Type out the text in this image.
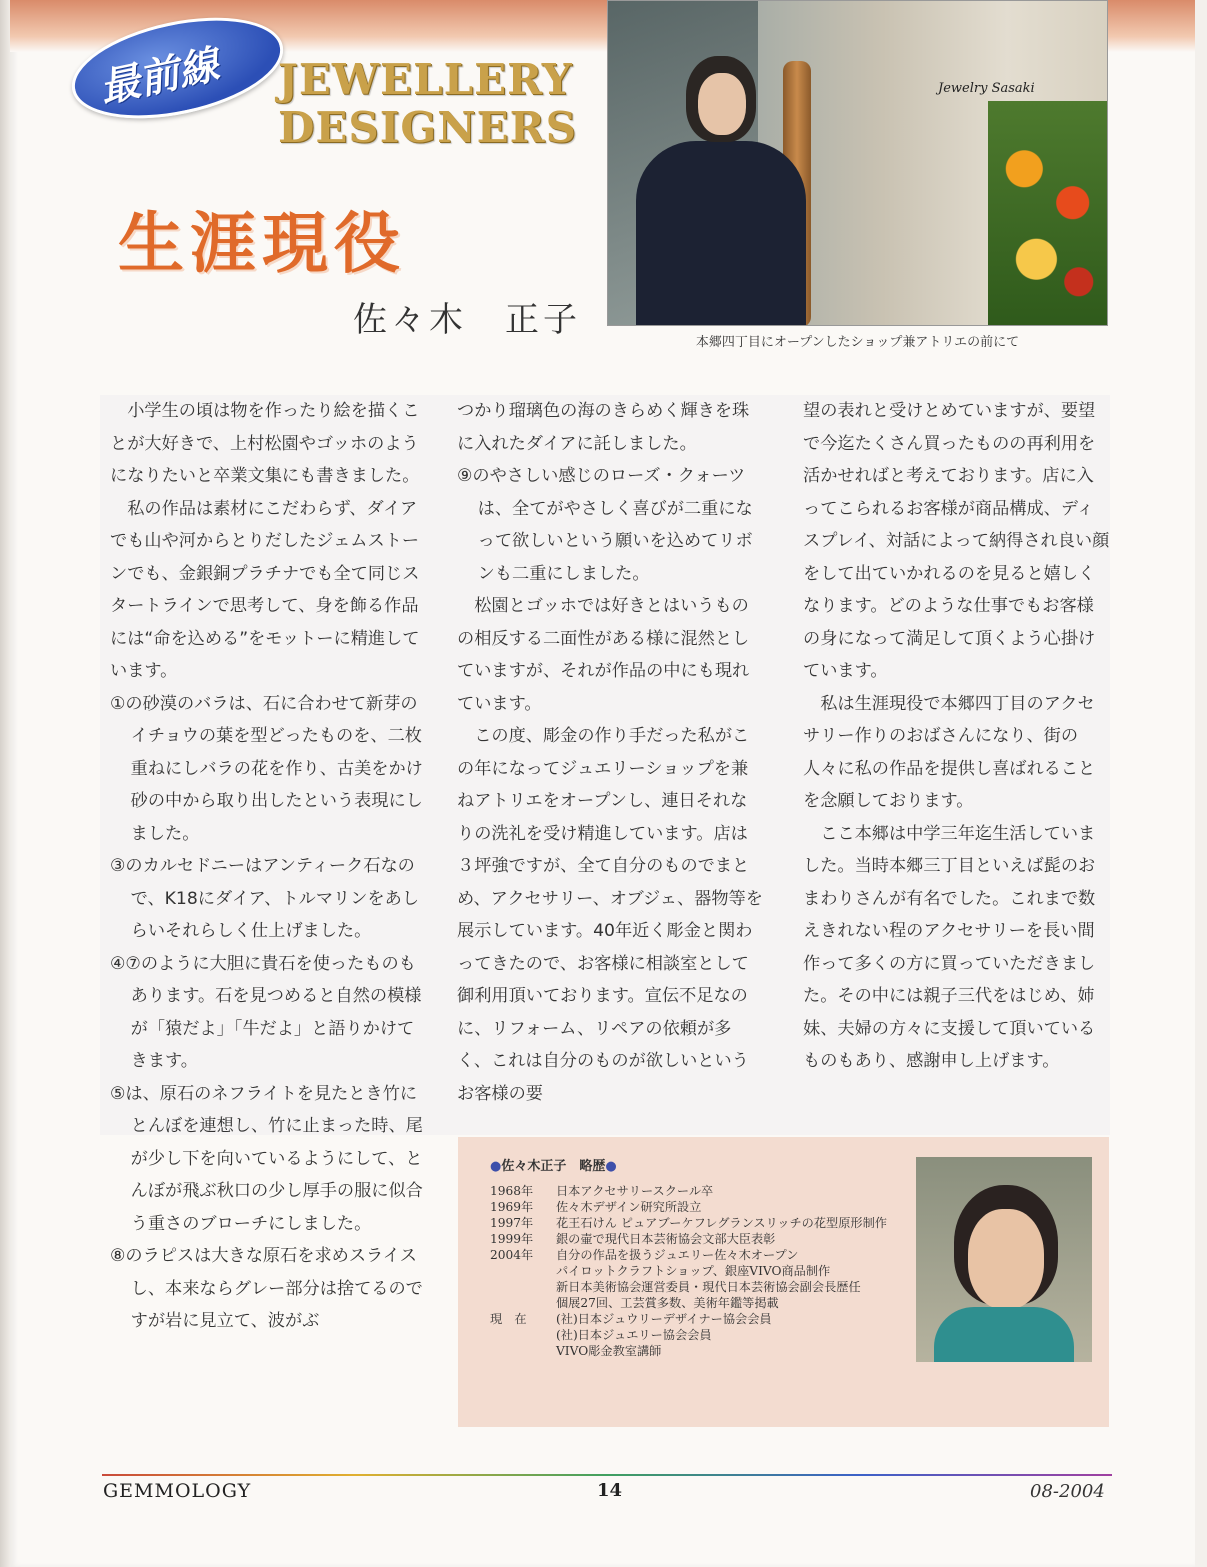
最前線	JEWELLERY
DESIGNERS
生涯現役
佐々木　正子
Jewelry Sasaki
本郷四丁目にオープンしたショップ兼アトリエの前にて

小学生の頃は物を作ったり絵を描くことが大好きで、上村松園やゴッホのようになりたいと卒業文集にも書きました。

私の作品は素材にこだわらず、ダイアでも山や河からとりだしたジェムストーンでも、金銀銅プラチナでも全て同じスタートラインで思考して、身を飾る作品には“命を込める”をモットーに精進しています。

①の砂漠のバラは、石に合わせて新芽のイチョウの葉を型どったものを、二枚重ねにしバラの花を作り、古美をかけ砂の中から取り出したという表現にしました。

③のカルセドニーはアンティーク石なので、K18にダイア、トルマリンをあしらいそれらしく仕上げました。

④⑦のように大胆に貴石を使ったものもあります。石を見つめると自然の模様が「猿だよ」「牛だよ」と語りかけてきます。

⑤は、原石のネフライトを見たとき竹にとんぼを連想し、竹に止まった時、尾が少し下を向いているようにして、とんぼが飛ぶ秋口の少し厚手の服に似合う重さのブローチにしました。

⑧のラピスは大きな原石を求めスライスし、本来ならグレー部分は捨てるのですが岩に見立て、波がぶ

つかり瑠璃色の海のきらめく輝きを珠に入れたダイアに託しました。

⑨のやさしい感じのローズ・クォーツは、全てがやさしく喜びが二重になって欲しいという願いを込めてリボンも二重にしました。

松園とゴッホでは好きとはいうものの相反する二面性がある様に混然としていますが、それが作品の中にも現れています。

この度、彫金の作り手だった私がこの年になってジュエリーショップを兼ねアトリエをオープンし、連日それなりの洗礼を受け精進しています。店は３坪強ですが、全て自分のものでまとめ、アクセサリー、オブジェ、器物等を展示しています。40年近く彫金と関わってきたので、お客様に相談室として御利用頂いております。宣伝不足なのに、リフォーム、リペアの依頼が多く、これは自分のものが欲しいというお客様の要

望の表れと受けとめていますが、要望で今迄たくさん買ったものの再利用を活かせればと考えております。店に入ってこられるお客様が商品構成、ディスプレイ、対話によって納得され良い顔をして出ていかれるのを見ると嬉しくなります。どのような仕事でもお客様の身になって満足して頂くよう心掛けています。

私は生涯現役で本郷四丁目のアクセサリー作りのおばさんになり、街の人々に私の作品を提供し喜ばれることを念願しております。

ここ本郷は中学三年迄生活していました。当時本郷三丁目といえば髭のおまわりさんが有名でした。これまで数えきれない程のアクセサリーを長い間作って多くの方に買っていただきました。その中には親子三代をはじめ、姉妹、夫婦の方々に支援して頂いているものもあり、感謝申し上げます。

●佐々木正子　略歴●
1968年	日本アクセサリースクール卒
1969年	佐々木デザイン研究所設立
1997年	花王石けん ピュアブーケフレグランスリッチの花型原形制作
1999年	銀の壷で現代日本芸術協会文部大臣表彰
2004年	自分の作品を扱うジュエリー佐々木オープン
パイロットクラフトショップ、銀座VIVO商品制作
新日本美術協会運営委員・現代日本芸術協会副会長歴任
個展27回、工芸賞多数、美術年鑑等掲載
現　在	(社)日本ジュウリーデザイナー協会会員
(社)日本ジュエリー協会会員
VIVO彫金教室講師
GEMMOLOGY	14	08-2004
